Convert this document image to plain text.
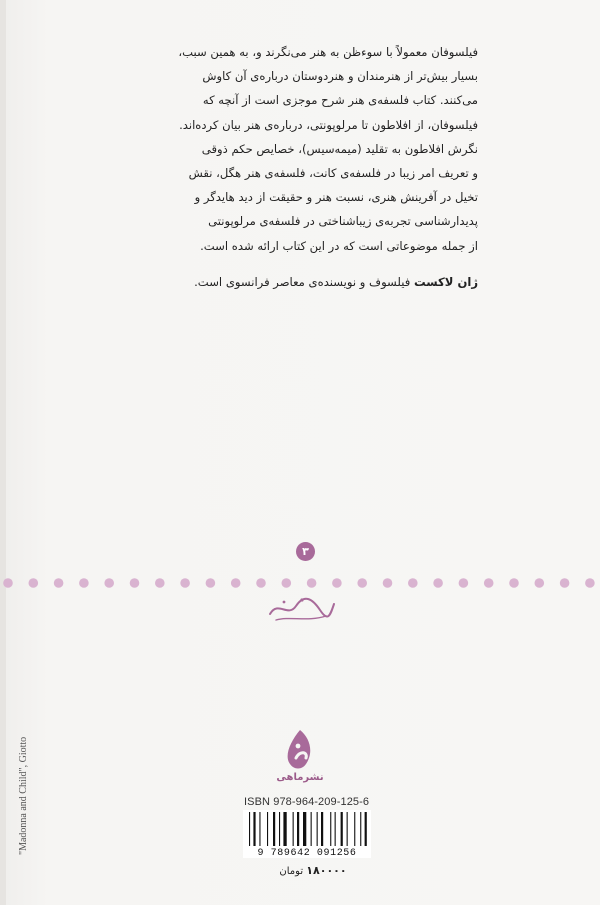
فیلسوفان معمولاً با سوءظن به هنر می‌نگرند و، به همین سبب،

بسیار بیش‌تر از هنرمندان و هنردوستان درباره‌ی آن کاوش

می‌کنند. کتاب فلسفه‌ی هنر شرح موجزی است از آنچه که

فیلسوفان، از افلاطون تا مرلوپونتی، درباره‌ی هنر بیان کرده‌اند.

نگرش افلاطون به تقلید (میمه‌سیس)، خصایص حکم ذوقی

و تعریف امر زیبا در فلسفه‌ی کانت، فلسفه‌ی هنر هگل، نقش

تخیل در آفرینش هنری، نسبت هنر و حقیقت از دید هایدگر و

پدیدارشناسی تجربه‌ی زیباشناختی در فلسفه‌ی مرلوپونتی

از جمله موضوعاتی است که در این کتاب ارائه شده است.

ژان لاکست فیلسوف و نویسنده‌ی معاصر فرانسوی است.
۳
"Madonna and Child", Giotto	نشرماهی
ISBN 978-964-209-125-6
9 789642 091256
۱۸۰۰۰۰ تومان
